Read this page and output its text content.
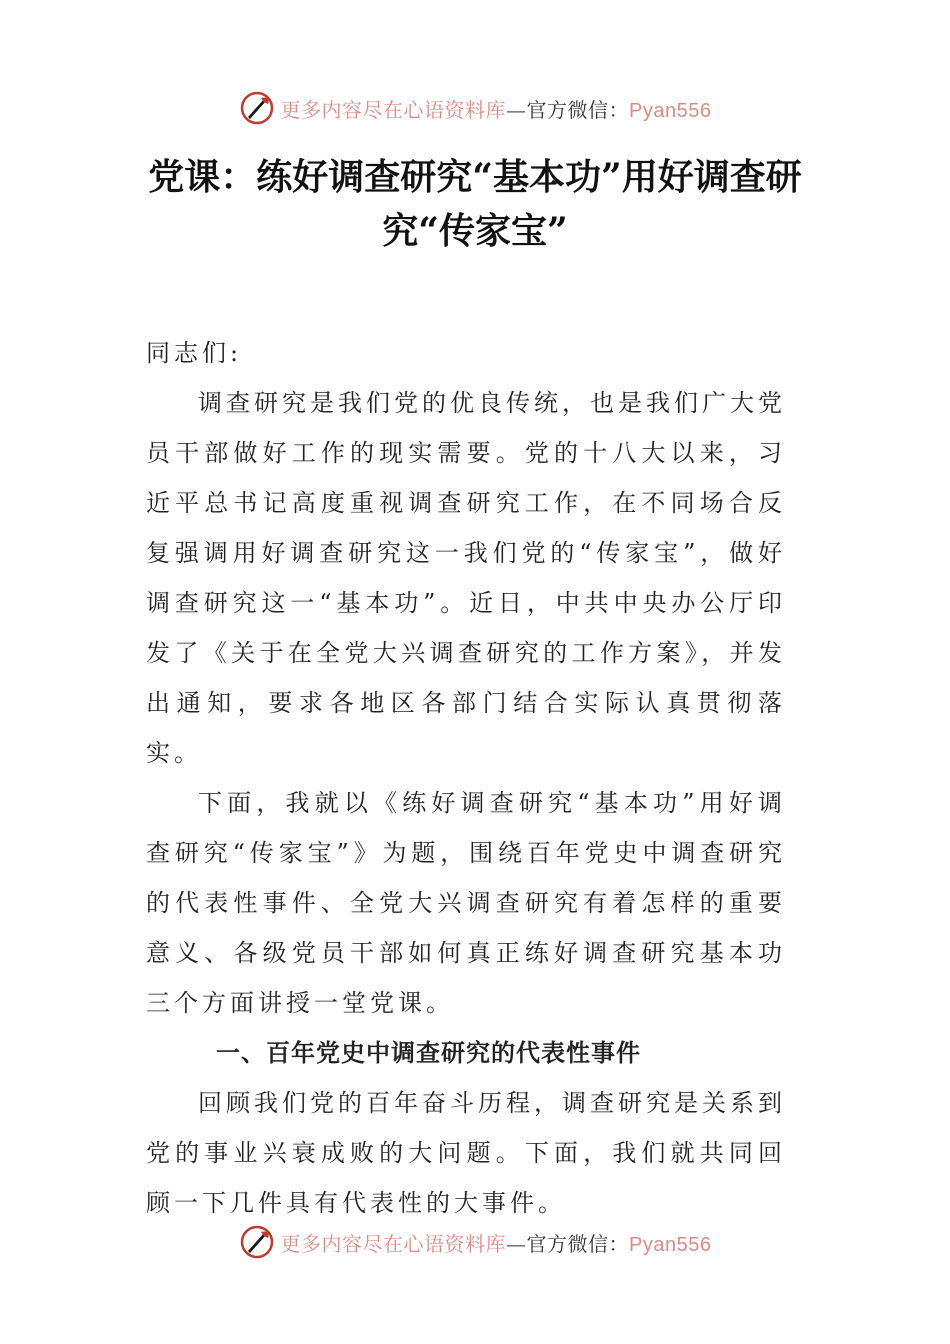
更多内容尽在心语资料库—官方微信：Pyan556
党课：练好调查研究“基本功”用好调查研究“传家宝”

同志们:

调查研究是我们党的优良传统，也是我们广大党员干部做好工作的现实需要。党的十八大以来，习近平总书记高度重视调查研究工作，在不同场合反复强调用好调查研究这一我们党的“传家宝”，做好调查研究这一“基本功”。近日，中共中央办公厅印发了《关于在全党大兴调查研究的工作方案》，并发出通知，要求各地区各部门结合实际认真贯彻落实。

下面，我就以《练好调查研究“基本功”用好调查研究“传家宝”》为题，围绕百年党史中调查研究的代表性事件、全党大兴调查研究有着怎样的重要意义、各级党员干部如何真正练好调查研究基本功三个方面讲授一堂党课。

一、百年党史中调查研究的代表性事件

回顾我们党的百年奋斗历程，调查研究是关系到党的事业兴衰成败的大问题。下面，我们就共同回顾一下几件具有代表性的大事件。

更多内容尽在心语资料库—官方微信：Pyan556
